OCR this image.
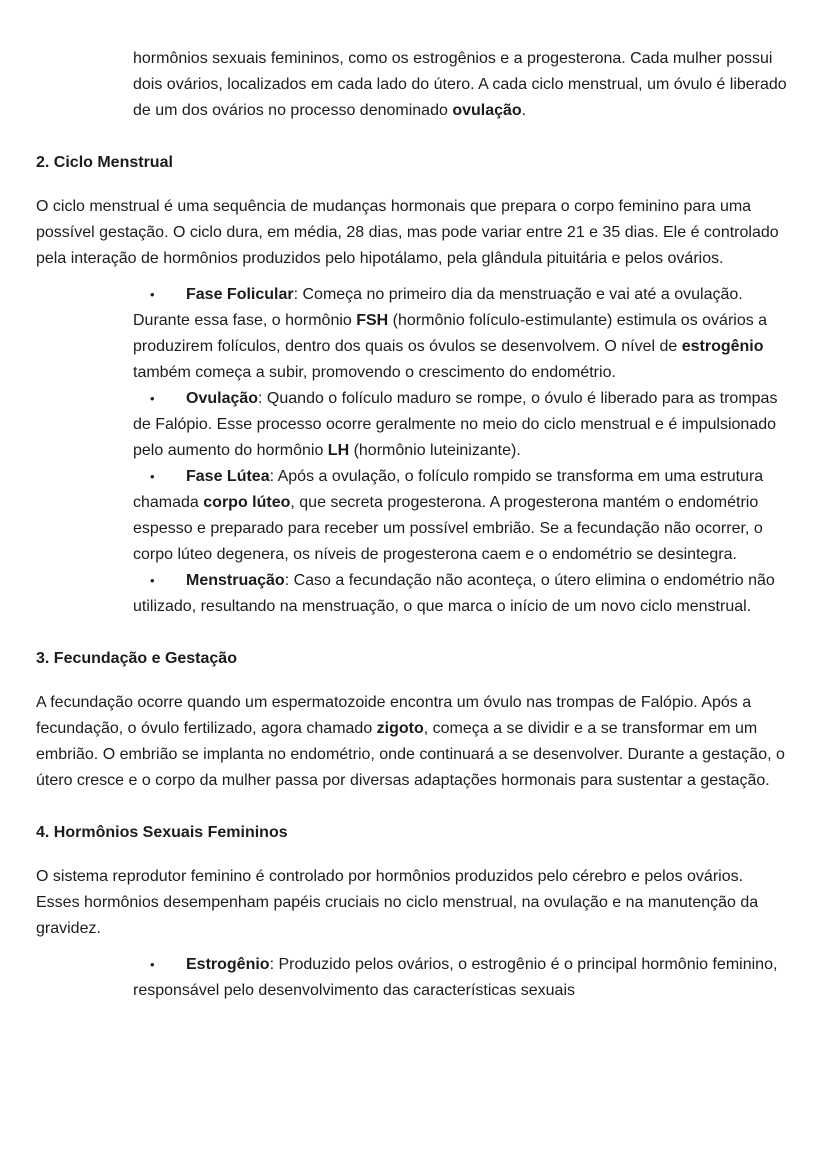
hormônios sexuais femininos, como os estrogênios e a progesterona. Cada mulher possui dois ovários, localizados em cada lado do útero. A cada ciclo menstrual, um óvulo é liberado de um dos ovários no processo denominado ovulação.

2. Ciclo Menstrual

O ciclo menstrual é uma sequência de mudanças hormonais que prepara o corpo feminino para uma possível gestação. O ciclo dura, em média, 28 dias, mas pode variar entre 21 e 35 dias. Ele é controlado pela interação de hormônios produzidos pelo hipotálamo, pela glândula pituitária e pelos ovários.

• Fase Folicular: Começa no primeiro dia da menstruação e vai até a ovulação. Durante essa fase, o hormônio FSH (hormônio folículo-estimulante) estimula os ovários a produzirem folículos, dentro dos quais os óvulos se desenvolvem. O nível de estrogênio também começa a subir, promovendo o crescimento do endométrio.

• Ovulação: Quando o folículo maduro se rompe, o óvulo é liberado para as trompas de Falópio. Esse processo ocorre geralmente no meio do ciclo menstrual e é impulsionado pelo aumento do hormônio LH (hormônio luteinizante).

• Fase Lútea: Após a ovulação, o folículo rompido se transforma em uma estrutura chamada corpo lúteo, que secreta progesterona. A progesterona mantém o endométrio espesso e preparado para receber um possível embrião. Se a fecundação não ocorrer, o corpo lúteo degenera, os níveis de progesterona caem e o endométrio se desintegra.

• Menstruação: Caso a fecundação não aconteça, o útero elimina o endométrio não utilizado, resultando na menstruação, o que marca o início de um novo ciclo menstrual.

3. Fecundação e Gestação

A fecundação ocorre quando um espermatozoide encontra um óvulo nas trompas de Falópio. Após a fecundação, o óvulo fertilizado, agora chamado zigoto, começa a se dividir e a se transformar em um embrião. O embrião se implanta no endométrio, onde continuará a se desenvolver. Durante a gestação, o útero cresce e o corpo da mulher passa por diversas adaptações hormonais para sustentar a gestação.

4. Hormônios Sexuais Femininos

O sistema reprodutor feminino é controlado por hormônios produzidos pelo cérebro e pelos ovários. Esses hormônios desempenham papéis cruciais no ciclo menstrual, na ovulação e na manutenção da gravidez.

• Estrogênio: Produzido pelos ovários, o estrogênio é o principal hormônio feminino, responsável pelo desenvolvimento das características sexuais
